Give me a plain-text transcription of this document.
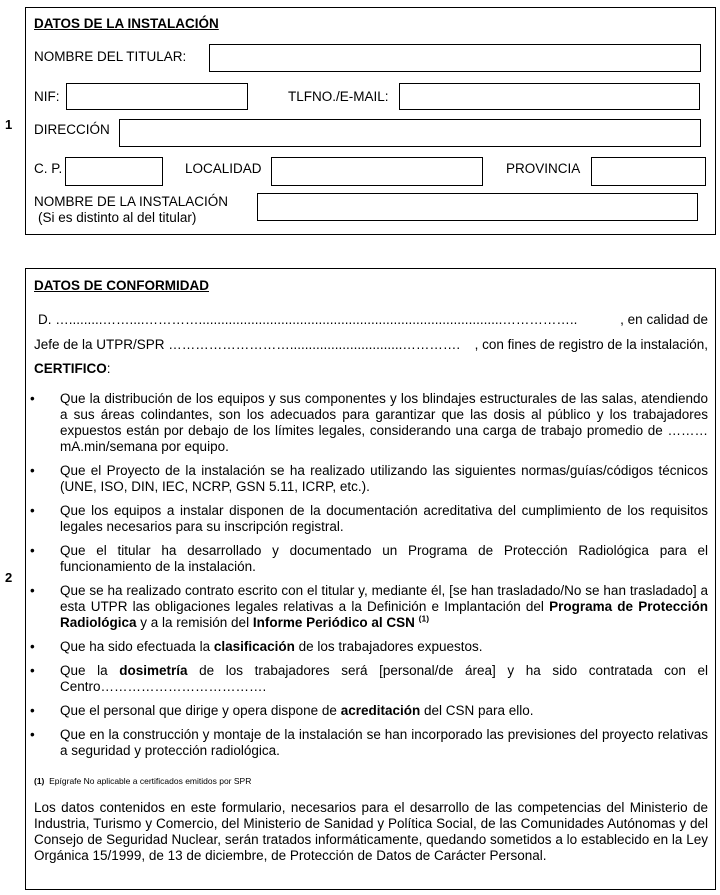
1
DATOS DE LA INSTALACIÓN
NOMBRE DEL TITULAR:
NIF:	TLFNO./E-MAIL:
DIRECCIÓN
C. P.	LOCALIDAD	PROVINCIA
NOMBRE DE LA INSTALACIÓN
(Si es distinto al del titular)
2
DATOS DE CONFORMIDAD
D. ….........……....………….................................................................................……………..	, en calidad de
Jefe de la UTPR/SPR ………………………..............................…………. , con fines de registro de la instalación,
CERTIFICO:
• Que la distribución de los equipos y sus componentes y los blindajes estructurales de las salas, atendiendo a sus áreas colindantes, son los adecuados para garantizar que las dosis al público y los trabajadores expuestos están por debajo de los límites legales, considerando una carga de trabajo promedio de ……… mA.min/semana por equipo.
• Que el Proyecto de la instalación se ha realizado utilizando las siguientes normas/guías/códigos técnicos (UNE, ISO, DIN, IEC, NCRP, GSN 5.11, ICRP, etc.).
• Que los equipos a instalar disponen de la documentación acreditativa del cumplimiento de los requisitos legales necesarios para su inscripción registral.
• Que el titular ha desarrollado y documentado un Programa de Protección Radiológica para el funcionamiento de la instalación.
• Que se ha realizado contrato escrito con el titular y, mediante él, [se han trasladado/No se han trasladado] a esta UTPR las obligaciones legales relativas a la Definición e Implantación del Programa de Protección Radiológica y a la remisión del Informe Periódico al CSN $^{(1)}$
• Que ha sido efectuada la clasificación de los trabajadores expuestos.
• Que la dosimetría de los trabajadores será [personal/de área] y ha sido contratada con el Centro……………………………….
• Que el personal que dirige y opera dispone de acreditación del CSN para ello.
• Que en la construcción y montaje de la instalación se han incorporado las previsiones del proyecto relativas a seguridad y protección radiológica.
(1) Epígrafe No aplicable a certificados emitidos por SPR
Los datos contenidos en este formulario, necesarios para el desarrollo de las competencias del Ministerio de Industria, Turismo y Comercio, del Ministerio de Sanidad y Política Social, de las Comunidades Autónomas y del Consejo de Seguridad Nuclear, serán tratados informáticamente, quedando sometidos a lo establecido en la Ley Orgánica 15/1999, de 13 de diciembre, de Protección de Datos de Carácter Personal.
